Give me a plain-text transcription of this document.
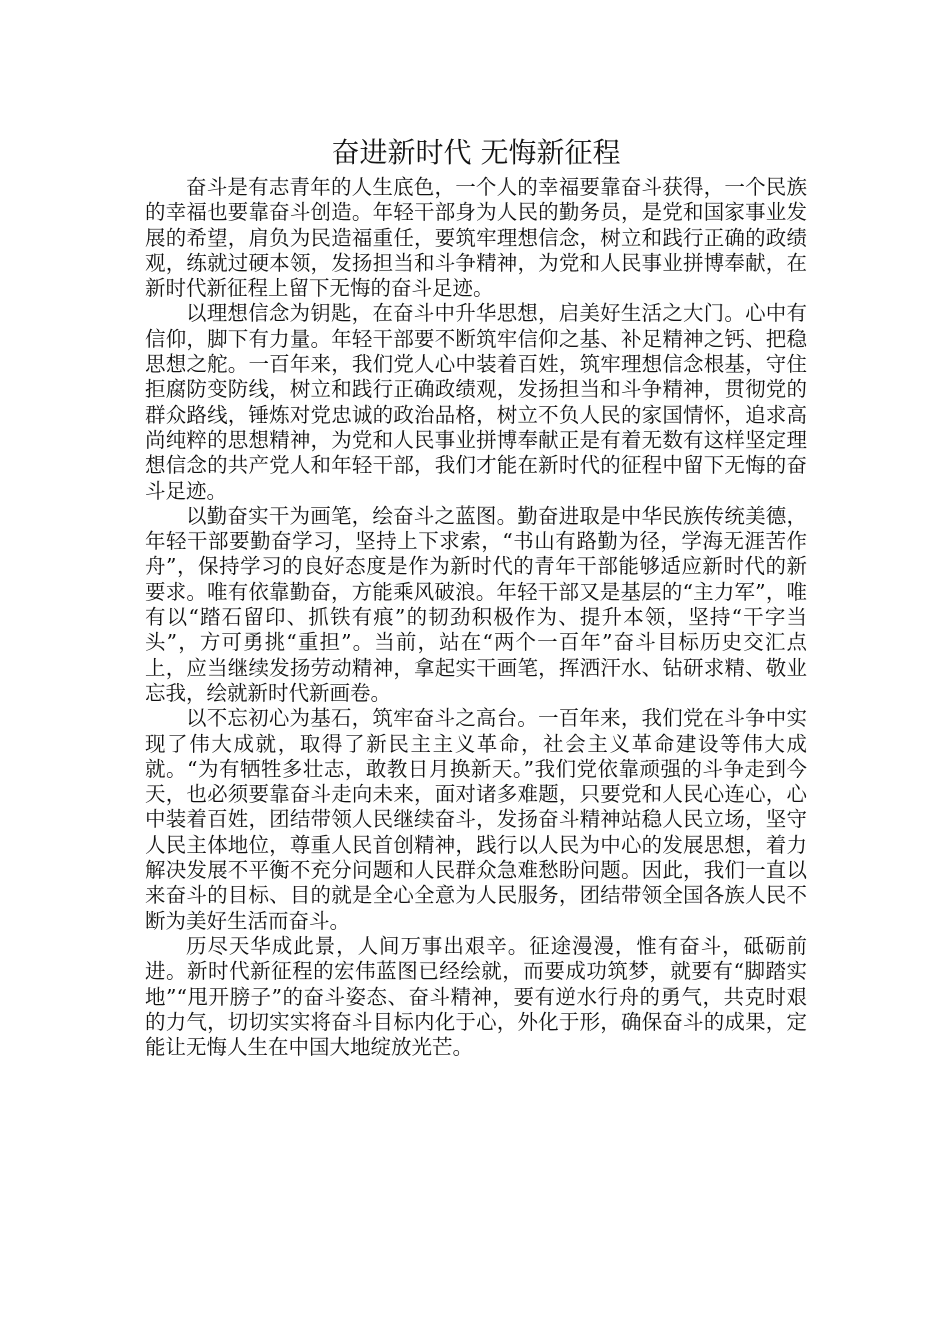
奋进新时代 无悔新征程

奋斗是有志青年的人生底色，一个人的幸福要靠奋斗获得，一个民族的幸福也要靠奋斗创造。年轻干部身为人民的勤务员，是党和国家事业发展的希望，肩负为民造福重任，要筑牢理想信念，树立和践行正确的政绩观，练就过硬本领，发扬担当和斗争精神，为党和人民事业拼博奉献，在新时代新征程上留下无悔的奋斗足迹。

以理想信念为钥匙，在奋斗中升华思想，启美好生活之大门。心中有信仰，脚下有力量。年轻干部要不断筑牢信仰之基、补足精神之钙、把稳思想之舵。一百年来，我们党人心中装着百姓，筑牢理想信念根基，守住拒腐防变防线，树立和践行正确政绩观，发扬担当和斗争精神，贯彻党的群众路线，锤炼对党忠诚的政治品格，树立不负人民的家国情怀，追求高尚纯粹的思想精神，为党和人民事业拼博奉献正是有着无数有这样坚定理想信念的共产党人和年轻干部，我们才能在新时代的征程中留下无悔的奋斗足迹。

以勤奋实干为画笔，绘奋斗之蓝图。勤奋进取是中华民族传统美德，年轻干部要勤奋学习，坚持上下求索，“书山有路勤为径，学海无涯苦作舟”，保持学习的良好态度是作为新时代的青年干部能够适应新时代的新要求。唯有依靠勤奋，方能乘风破浪。年轻干部又是基层的“主力军”，唯有以“踏石留印、抓铁有痕”的韧劲积极作为、提升本领，坚持“干字当头”，方可勇挑“重担”。当前，站在“两个一百年”奋斗目标历史交汇点上，应当继续发扬劳动精神，拿起实干画笔，挥洒汗水、钻研求精、敬业忘我，绘就新时代新画卷。

以不忘初心为基石，筑牢奋斗之高台。一百年来，我们党在斗争中实现了伟大成就，取得了新民主主义革命，社会主义革命建设等伟大成就。“为有牺牲多壮志，敢教日月换新天。”我们党依靠顽强的斗争走到今天，也必须要靠奋斗走向未来，面对诸多难题，只要党和人民心连心，心中装着百姓，团结带领人民继续奋斗，发扬奋斗精神站稳人民立场，坚守人民主体地位，尊重人民首创精神，践行以人民为中心的发展思想，着力解决发展不平衡不充分问题和人民群众急难愁盼问题。因此，我们一直以来奋斗的目标、目的就是全心全意为人民服务，团结带领全国各族人民不断为美好生活而奋斗。

历尽天华成此景，人间万事出艰辛。征途漫漫，惟有奋斗，砥砺前进。新时代新征程的宏伟蓝图已经绘就，而要成功筑梦，就要有“脚踏实地”“甩开膀子”的奋斗姿态、奋斗精神，要有逆水行舟的勇气，共克时艰的力气，切切实实将奋斗目标内化于心，外化于形，确保奋斗的成果，定能让无悔人生在中国大地绽放光芒。
